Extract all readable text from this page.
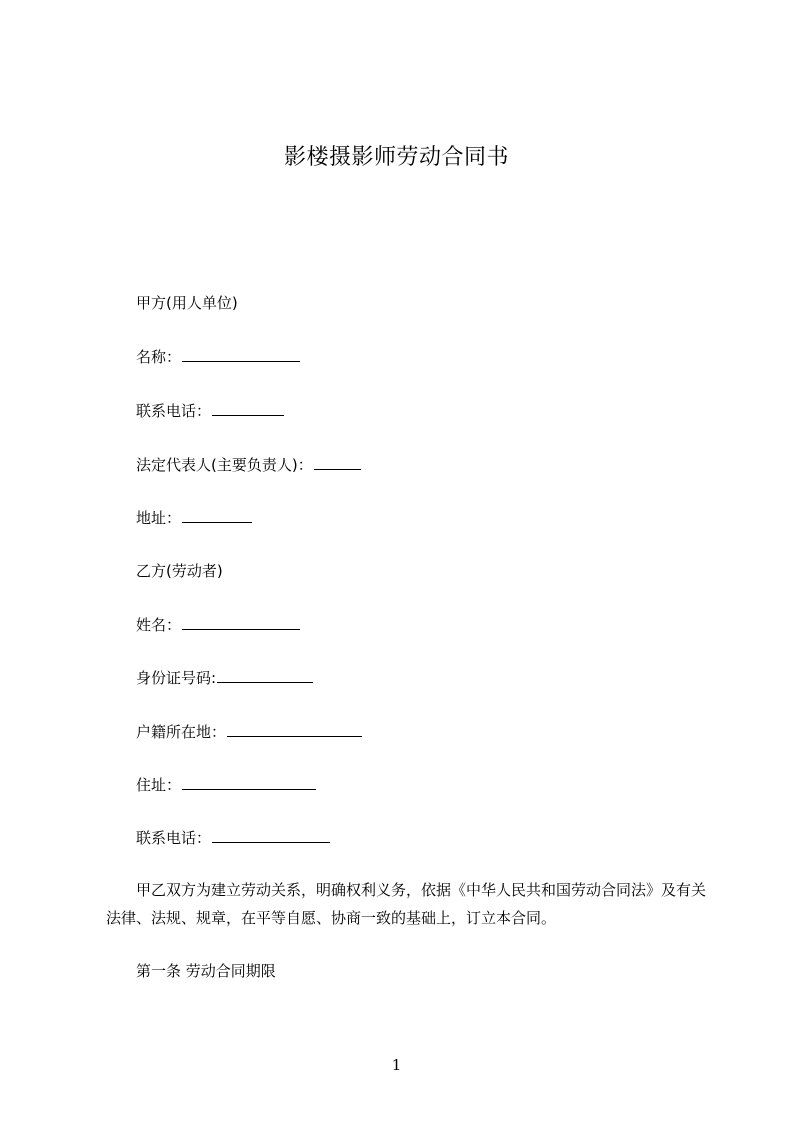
影楼摄影师劳动合同书
甲方(用人单位)
名称：
联系电话：
法定代表人(主要负责人)：
地址：
乙方(劳动者)
姓名：
身份证号码:
户籍所在地：
住址：
联系电话：
甲乙双方为建立劳动关系，明确权利义务，依据《中华人民共和国劳动合同法》及有关法律、法规、规章，在平等自愿、协商一致的基础上，订立本合同。
第一条 劳动合同期限
1
